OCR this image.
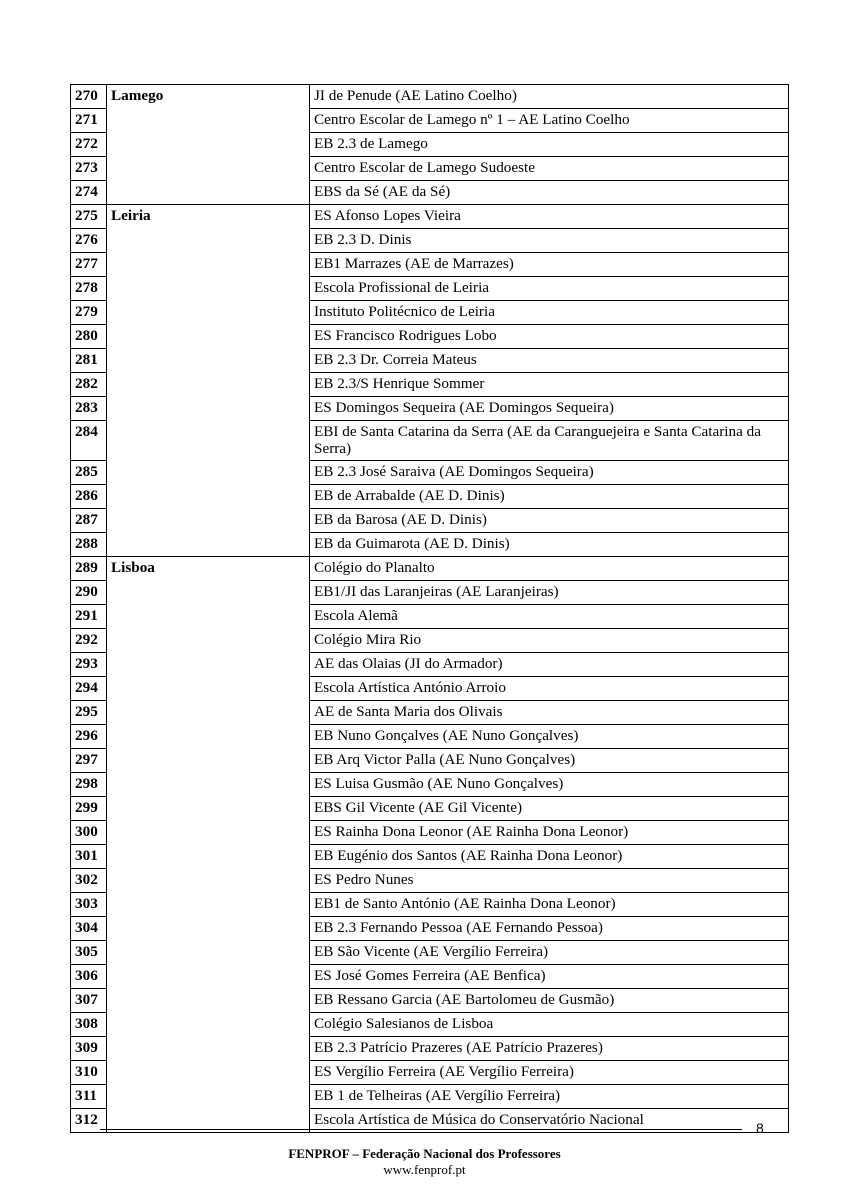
270	Lamego	JI de Penude (AE Latino Coelho)
271		Centro Escolar de Lamego nº 1 – AE Latino Coelho
272		EB 2.3 de Lamego
273		Centro Escolar de Lamego Sudoeste
274		EBS da Sé (AE da Sé)
275	Leiria	ES Afonso Lopes Vieira
276		EB 2.3 D. Dinis
277		EB1 Marrazes (AE de Marrazes)
278		Escola Profissional de Leiria
279		Instituto Politécnico de Leiria
280		ES Francisco Rodrigues Lobo
281		EB 2.3 Dr. Correia Mateus
282		EB 2.3/S Henrique Sommer
283		ES Domingos Sequeira (AE Domingos Sequeira)
284		EBI de Santa Catarina da Serra (AE da Caranguejeira e Santa Catarina da Serra)
285		EB 2.3 José Saraiva (AE Domingos Sequeira)
286		EB de Arrabalde (AE D. Dinis)
287		EB da Barosa (AE D. Dinis)
288		EB da Guimarota (AE D. Dinis)
289	Lisboa	Colégio do Planalto
290		EB1/JI das Laranjeiras (AE Laranjeiras)
291		Escola Alemã
292		Colégio Mira Rio
293		AE das Olaias (JI do Armador)
294		Escola Artística António Arroio
295		AE de Santa Maria dos Olivais
296		EB Nuno Gonçalves (AE Nuno Gonçalves)
297		EB Arq Victor Palla (AE Nuno Gonçalves)
298		ES Luisa Gusmão (AE Nuno Gonçalves)
299		EBS Gil Vicente (AE Gil Vicente)
300		ES Rainha Dona Leonor (AE Rainha Dona Leonor)
301		EB Eugénio dos Santos (AE Rainha Dona Leonor)
302		ES Pedro Nunes
303		EB1 de Santo António (AE Rainha Dona Leonor)
304		EB 2.3 Fernando Pessoa (AE Fernando Pessoa)
305		EB São Vicente (AE Vergílio Ferreira)
306		ES José Gomes Ferreira (AE Benfica)
307		EB Ressano Garcia (AE Bartolomeu de Gusmão)
308		Colégio Salesianos de Lisboa
309		EB 2.3 Patrício Prazeres (AE Patrício Prazeres)
310		ES Vergílio Ferreira (AE Vergílio Ferreira)
311		EB 1 de Telheiras (AE Vergílio Ferreira)
312		Escola Artística de Música do Conservatório Nacional	8
FENPROF – Federação Nacional dos Professores
www.fenprof.pt
